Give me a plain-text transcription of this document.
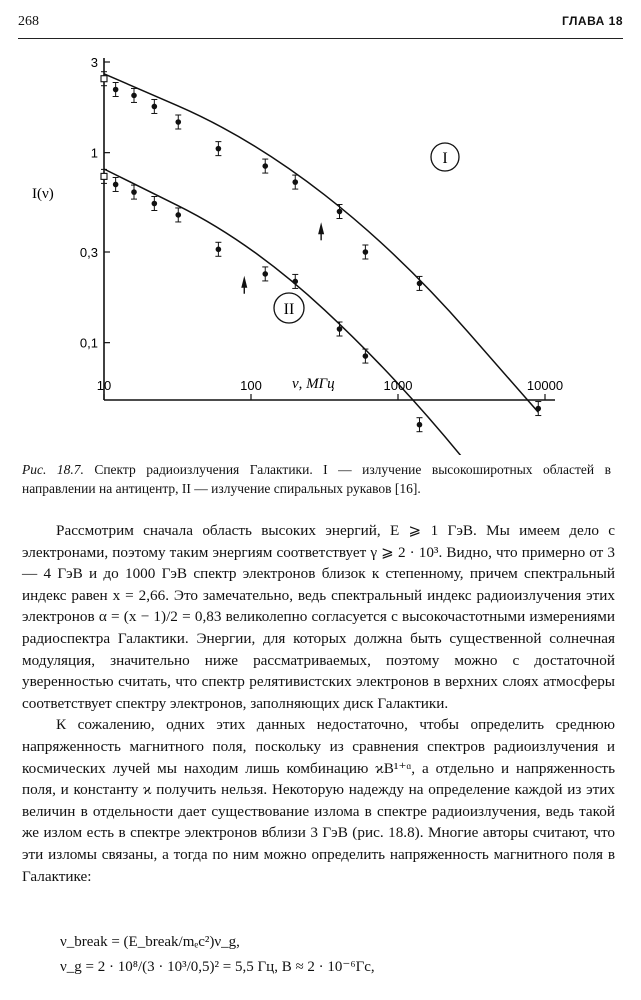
268	ГЛАВА 18
10	100	1000	10000
3
1
0,3
0,1
I(ν)
ν, МГц
I
II
Рис. 18.7. Спектр радиоизлучения Галактики. I — излучение высокоширотных областей в направлении на антицентр, II — излучение спиральных рукавов [16].

Рассмотрим сначала область высоких энергий, E ⩾ 1 ГэВ. Мы имеем дело с электронами, поэтому таким энергиям соответствует γ ⩾ 2 · 10³. Видно, что примерно от 3 — 4 ГэВ и до 1000 ГэВ спектр электронов близок к степенному, причем спектральный индекс равен x = 2,66. Это замечательно, ведь спектральный индекс радиоизлучения этих электронов α = (x − 1)/2 = 0,83 великолепно согласуется с высокочастотными измерениями радиоспектра Галактики. Энергии, для которых должна быть существенной солнечная модуляция, значительно ниже рассматриваемых, поэтому можно с достаточной уверенностью считать, что спектр релятивистских электронов в верхних слоях атмосферы соответствует спектру электронов, заполняющих диск Галактики.

К сожалению, одних этих данных недостаточно, чтобы определить среднюю напряженность магнитного поля, поскольку из сравнения спектров радиоизлучения и космических лучей мы находим лишь комбинацию ϰB¹⁺ᵅ, а отдельно и напряженность поля, и константу ϰ получить нельзя. Некоторую надежду на определение каждой из этих величин в отдельности дает существование излома в спектре радиоизлучения, ведь такой же излом есть в спектре электронов вблизи 3 ГэВ (рис. 18.8). Многие авторы считают, что эти изломы связаны, а тогда по ним можно определить напряженность магнитного поля в Галактике:

ν_break = (E_break/mₑc²)ν_g,
ν_g = 2 · 10⁸/(3 · 10³/0,5)² = 5,5 Гц, B ≈ 2 · 10⁻⁶Гс,
